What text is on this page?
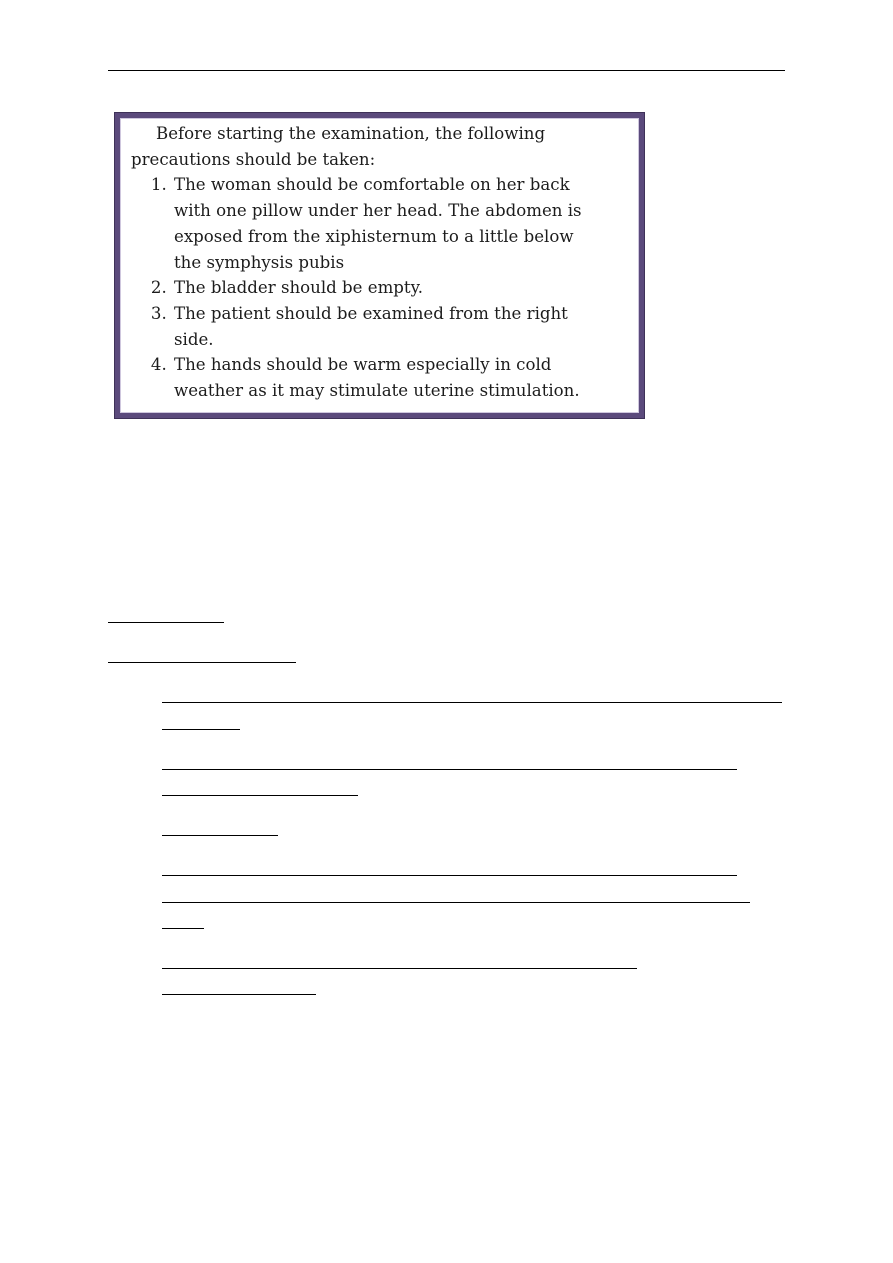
Before starting the examination, the following precautions should be taken:

1. The woman should be comfortable on her back with one pillow under her head. The abdomen is exposed from the xiphisternum to a little below the symphysis pubis
2. The bladder should be empty.
3. The patient should be examined from the right side.
4. The hands should be warm especially in cold weather as it may stimulate uterine stimulation.
